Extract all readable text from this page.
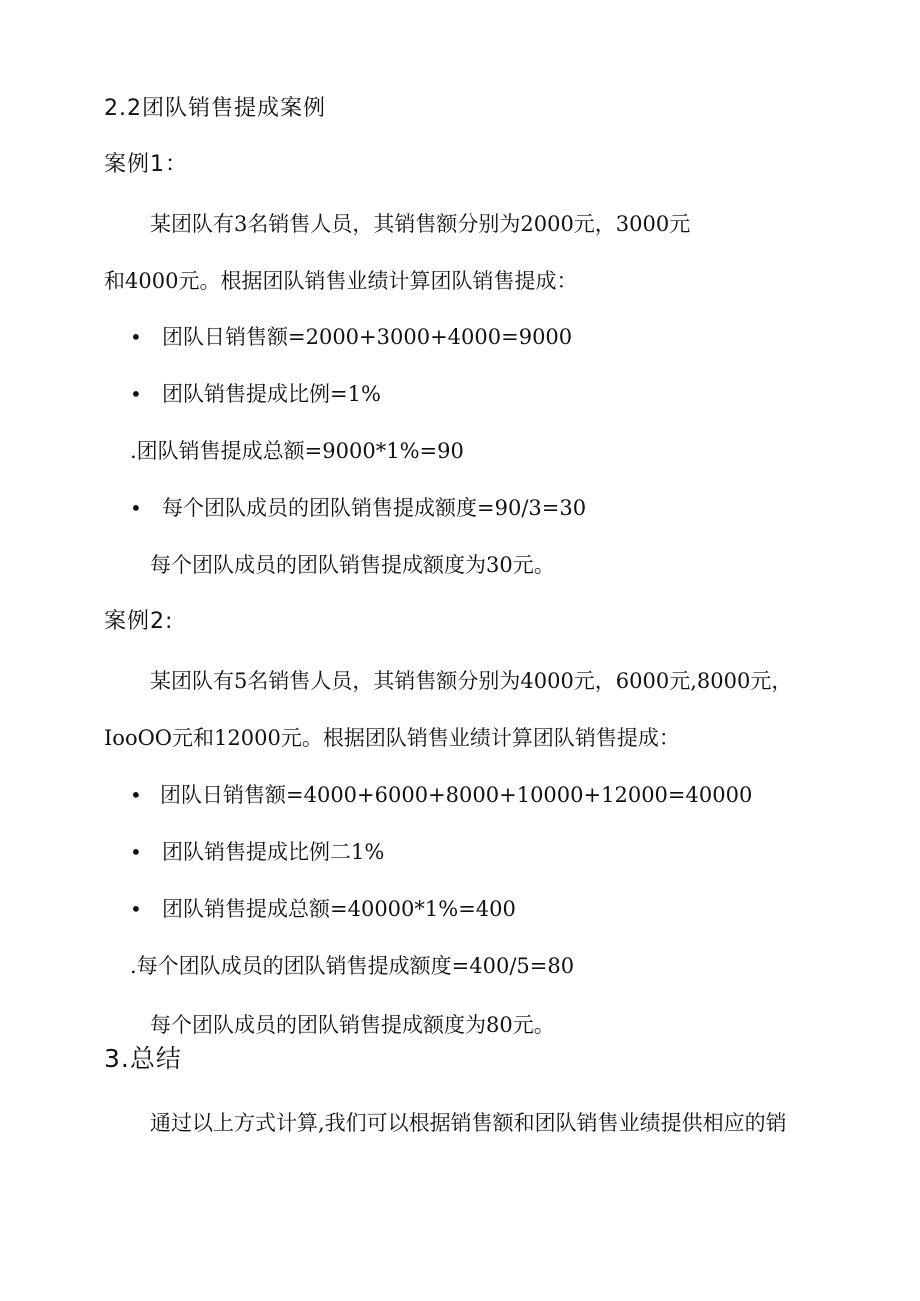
2.2团队销售提成案例
案例1：
某团队有3名销售人员，其销售额分别为2000元，3000元
和4000元。根据团队销售业绩计算团队销售提成：
• 团队日销售额=2000+3000+4000=9000
• 团队销售提成比例=1%
.团队销售提成总额=9000*1%=90
• 每个团队成员的团队销售提成额度=90/3=30
每个团队成员的团队销售提成额度为30元。
案例2:
某团队有5名销售人员，其销售额分别为4000元，6000元,8000元，
IooOO元和12000元。根据团队销售业绩计算团队销售提成：
• 团队日销售额=4000+6000+8000+10000+12000=40000
• 团队销售提成比例二1%
• 团队销售提成总额=40000*1%=400
.每个团队成员的团队销售提成额度=400/5=80
每个团队成员的团队销售提成额度为80元。
3.总结
通过以上方式计算,我们可以根据销售额和团队销售业绩提供相应的销
